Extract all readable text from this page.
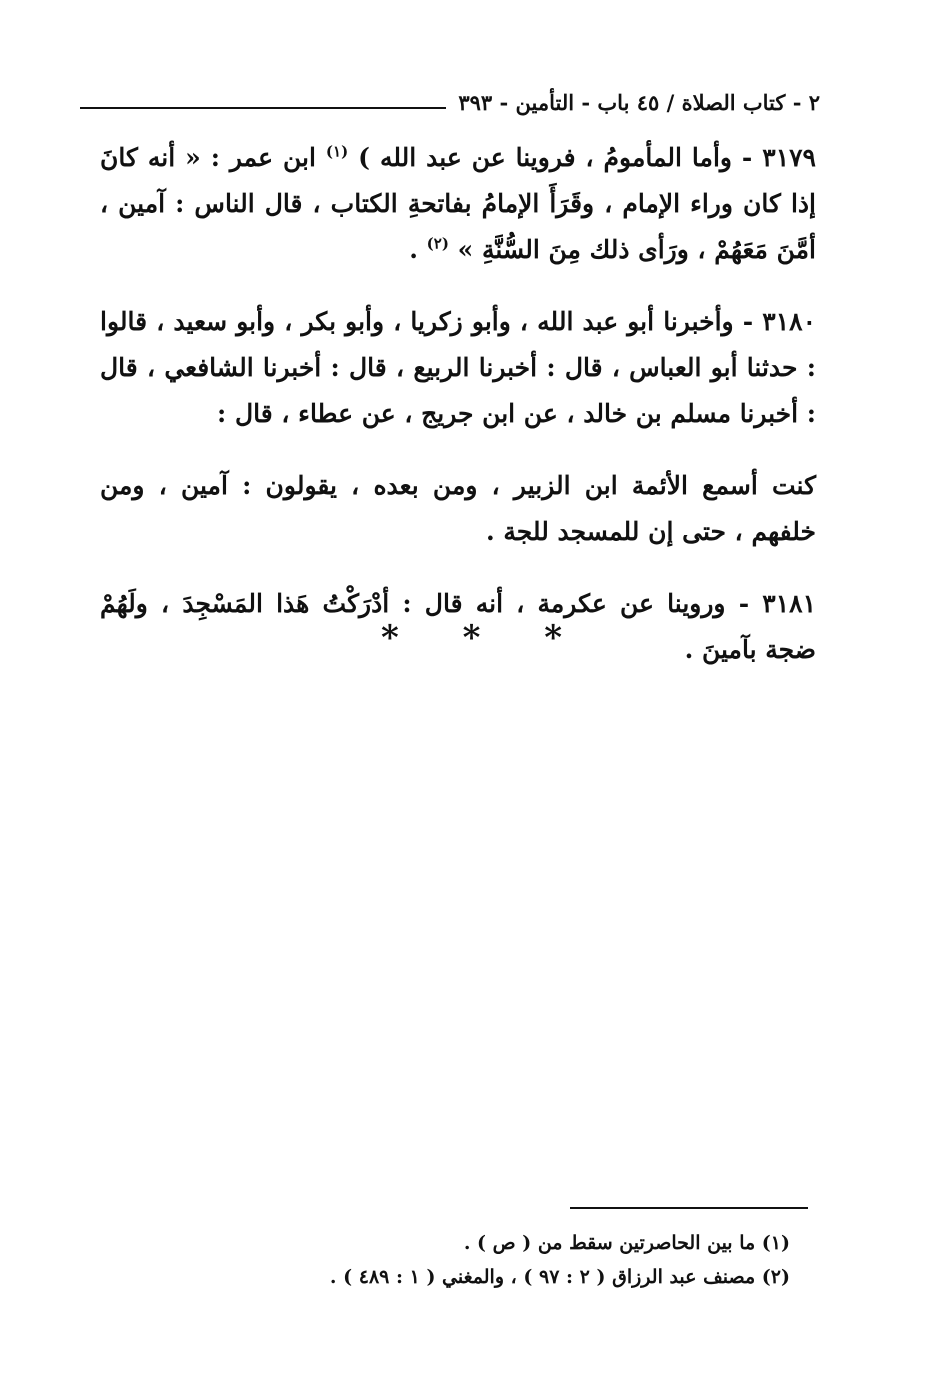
٢ - كتاب الصلاة / ٤٥ باب - التأمين - ٣٩٣

٣١٧٩ - وأما المأمومُ ، فروينا عن عبد الله ) $^{(١)}$ ابن عمر : « أنه كانَ إذا كان وراء الإمام ، وقَرَأَ الإمامُ بفاتحةِ الكتاب ، قال الناس : آمين ، أمَّنَ مَعَهُمْ ، ورَأى ذلك مِنَ السُّنَّةِ » $^{(٢)}$ .

٣١٨٠ - وأخبرنا أبو عبد الله ، وأبو زكريا ، وأبو بكر ، وأبو سعيد ، قالوا : حدثنا أبو العباس ، قال : أخبرنا الربيع ، قال : أخبرنا الشافعي ، قال : أخبرنا مسلم بن خالد ، عن ابن جريج ، عن عطاء ، قال :

كنت أسمع الأئمة ابن الزبير ، ومن بعده ، يقولون : آمين ، ومن خلفهم ، حتى إن للمسجد للجة .

٣١٨١ - وروينا عن عكرمة ، أنه قال : أدْرَكْتُ هَذا المَسْجِدَ ، ولَهُمْ ضجة بآمينَ .

* * *
(١) ما بين الحاصرتين سقط من ( ص ) .
(٢) مصنف عبد الرزاق ( ٢ : ٩٧ ) ، والمغني ( ١ : ٤٨٩ ) .
